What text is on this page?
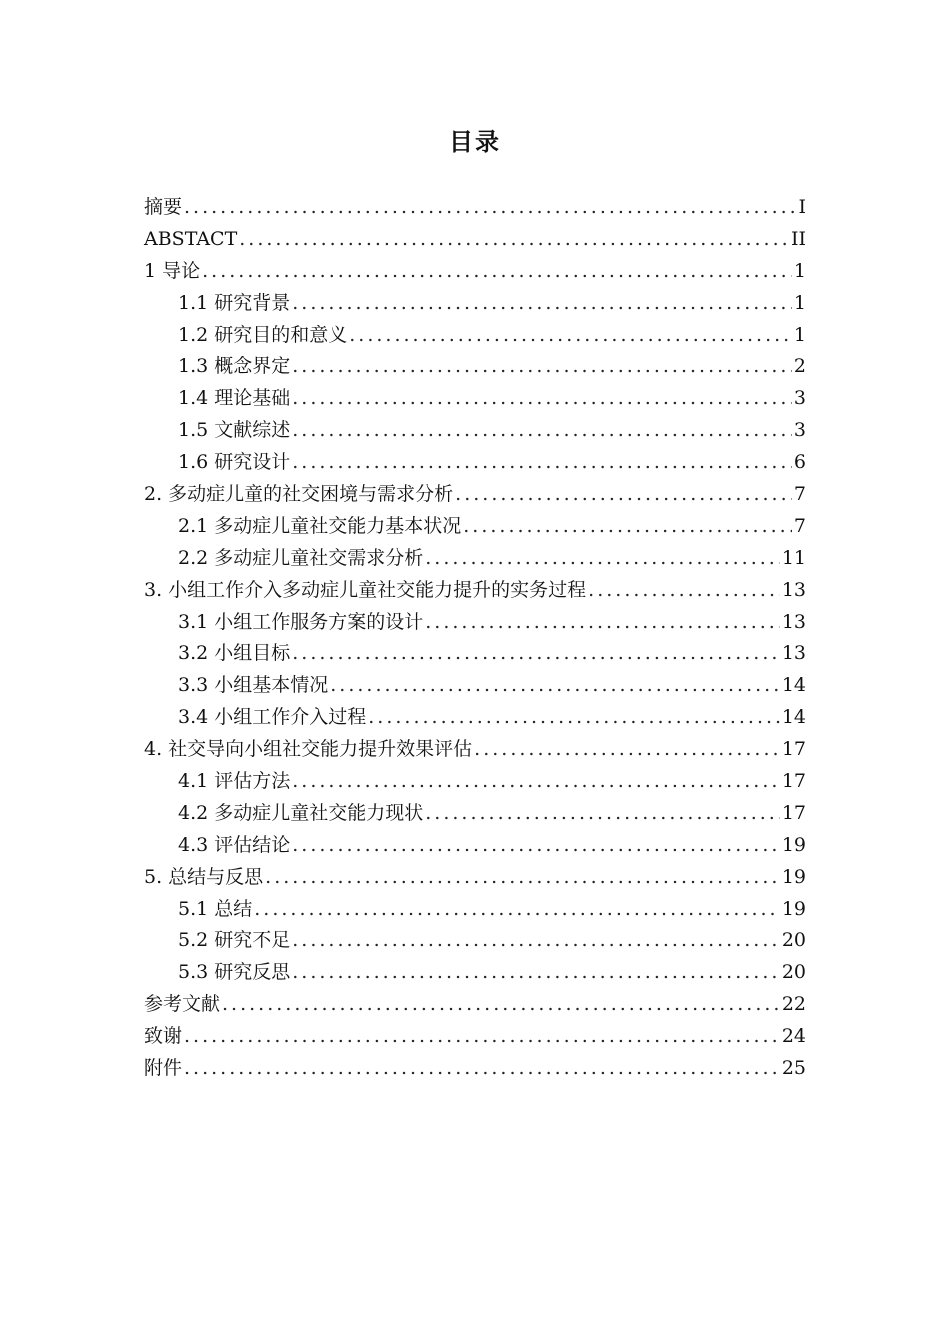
目录
摘要 .....	I
ABSTACT .....	II
1 导论 .....	1
1.1 研究背景 .....	1
1.2 研究目的和意义 .....	1
1.3 概念界定 .....	2
1.4 理论基础 .....	3
1.5 文献综述 .....	3
1.6 研究设计 .....	6
2. 多动症儿童的社交困境与需求分析 .....	7
2.1 多动症儿童社交能力基本状况 .....	7
2.2 多动症儿童社交需求分析 .....	11
3. 小组工作介入多动症儿童社交能力提升的实务过程 .....	13
3.1 小组工作服务方案的设计 .....	13
3.2 小组目标 .....	13
3.3 小组基本情况 .....	14
3.4 小组工作介入过程 .....	14
4. 社交导向小组社交能力提升效果评估 .....	17
4.1 评估方法 .....	17
4.2 多动症儿童社交能力现状 .....	17
4.3 评估结论 .....	19
5. 总结与反思 .....	19
5.1 总结 .....	19
5.2 研究不足 .....	20
5.3 研究反思 .....	20
参考文献 .....	22
致谢 .....	24
附件 .....	25
